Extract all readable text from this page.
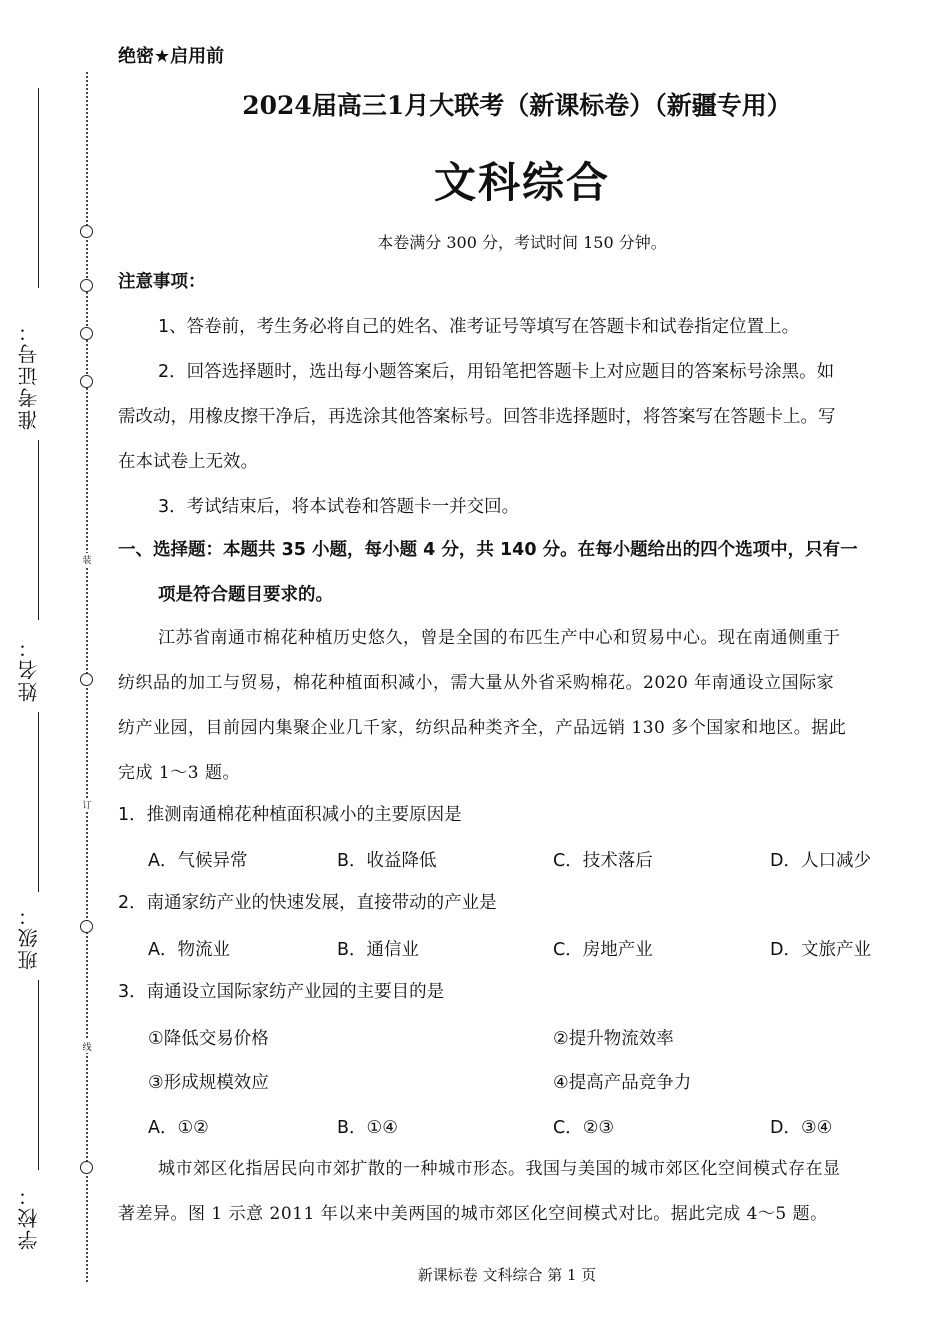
装
订
线
准考证号：
姓名：
班级：
学校：
绝密★启用前
2024届高三1月大联考（新课标卷）（新疆专用）
文科综合
本卷满分 300 分，考试时间 150 分钟。
注意事项：
1、答卷前，考生务必将自己的姓名、准考证号等填写在答题卡和试卷指定位置上。
2．回答选择题时，选出每小题答案后，用铅笔把答题卡上对应题目的答案标号涂黑。如
需改动，用橡皮擦干净后，再选涂其他答案标号。回答非选择题时，将答案写在答题卡上。写
在本试卷上无效。
3．考试结束后，将本试卷和答题卡一并交回。
一、选择题：本题共 35 小题，每小题 4 分，共 140 分。在每小题给出的四个选项中，只有一
项是符合题目要求的。
江苏省南通市棉花种植历史悠久，曾是全国的布匹生产中心和贸易中心。现在南通侧重于
纺织品的加工与贸易，棉花种植面积减小，需大量从外省采购棉花。2020 年南通设立国际家
纺产业园，目前园内集聚企业几千家，纺织品种类齐全，产品远销 130 多个国家和地区。据此
完成 1～3 题。
1．推测南通棉花种植面积减小的主要原因是
A．气候异常	B．收益降低	C．技术落后	D．人口减少
2．南通家纺产业的快速发展，直接带动的产业是
A．物流业	B．通信业	C．房地产业	D．文旅产业
3．南通设立国际家纺产业园的主要目的是
①降低交易价格	②提升物流效率
③形成规模效应	④提高产品竞争力
A．①②	B．①④	C．②③	D．③④
城市郊区化指居民向市郊扩散的一种城市形态。我国与美国的城市郊区化空间模式存在显
著差异。图 1 示意 2011 年以来中美两国的城市郊区化空间模式对比。据此完成 4～5 题。
新课标卷 文科综合 第 1 页
